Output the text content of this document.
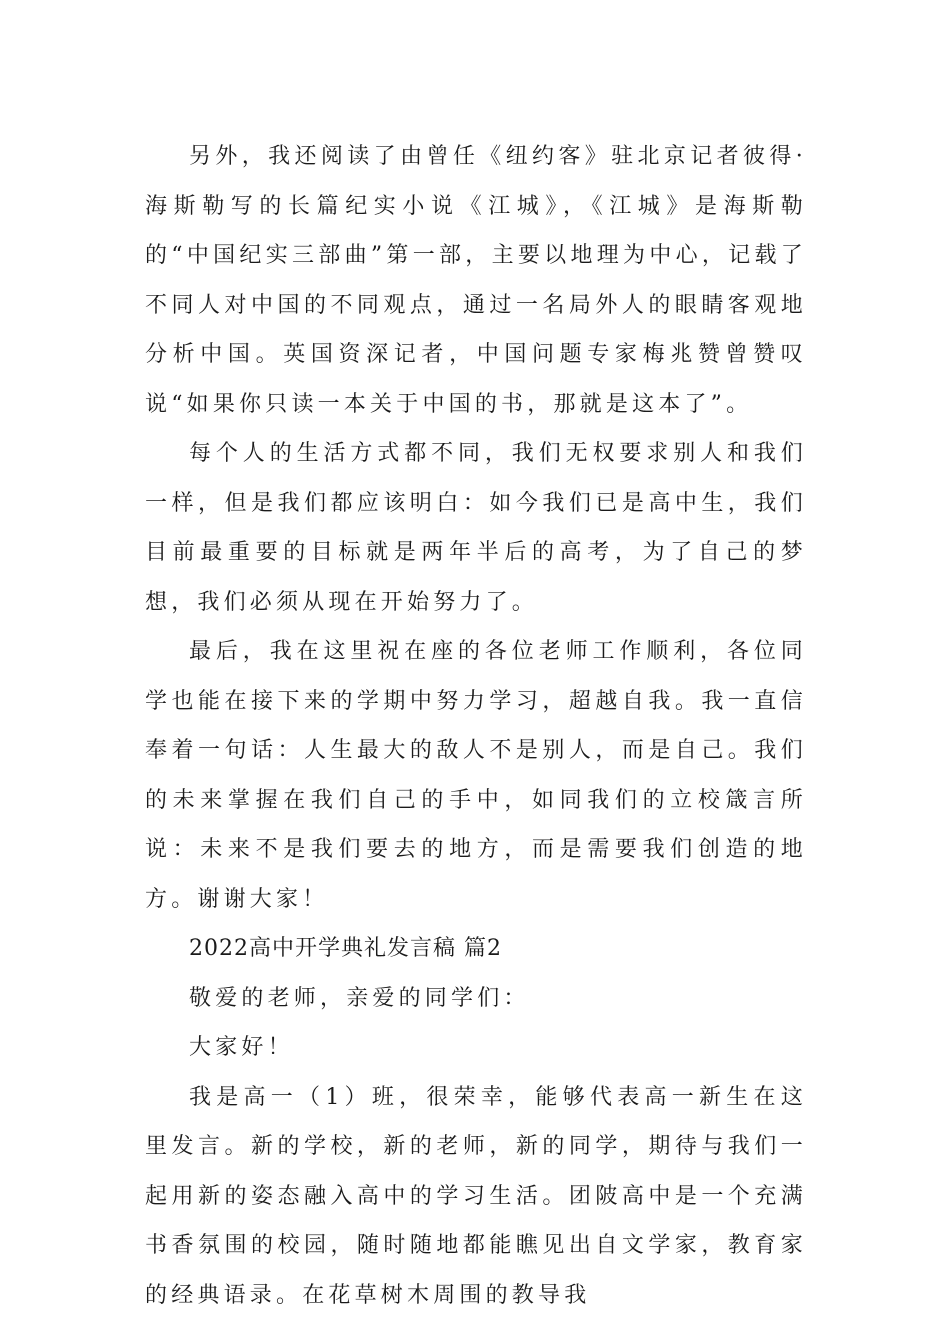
另外，我还阅读了由曾任《纽约客》驻北京记者彼得·海斯勒写的长篇纪实小说《江城》，《江城》是海斯勒的“中国纪实三部曲”第一部，主要以地理为中心，记载了不同人对中国的不同观点，通过一名局外人的眼睛客观地分析中国。英国资深记者，中国问题专家梅兆赞曾赞叹说“如果你只读一本关于中国的书，那就是这本了”。

每个人的生活方式都不同，我们无权要求别人和我们一样，但是我们都应该明白：如今我们已是高中生，我们目前最重要的目标就是两年半后的高考，为了自己的梦想，我们必须从现在开始努力了。

最后，我在这里祝在座的各位老师工作顺利，各位同学也能在接下来的学期中努力学习，超越自我。我一直信奉着一句话：人生最大的敌人不是别人，而是自己。我们的未来掌握在我们自己的手中，如同我们的立校箴言所说：未来不是我们要去的地方，而是需要我们创造的地方。谢谢大家！

2022高中开学典礼发言稿 篇2

敬爱的老师，亲爱的同学们：

大家好！

我是高一（1）班，很荣幸，能够代表高一新生在这里发言。新的学校，新的老师，新的同学，期待与我们一起用新的姿态融入高中的学习生活。团陂高中是一个充满书香氛围的校园，随时随地都能瞧见出自文学家，教育家的经典语录。在花草树木周围的教导我
